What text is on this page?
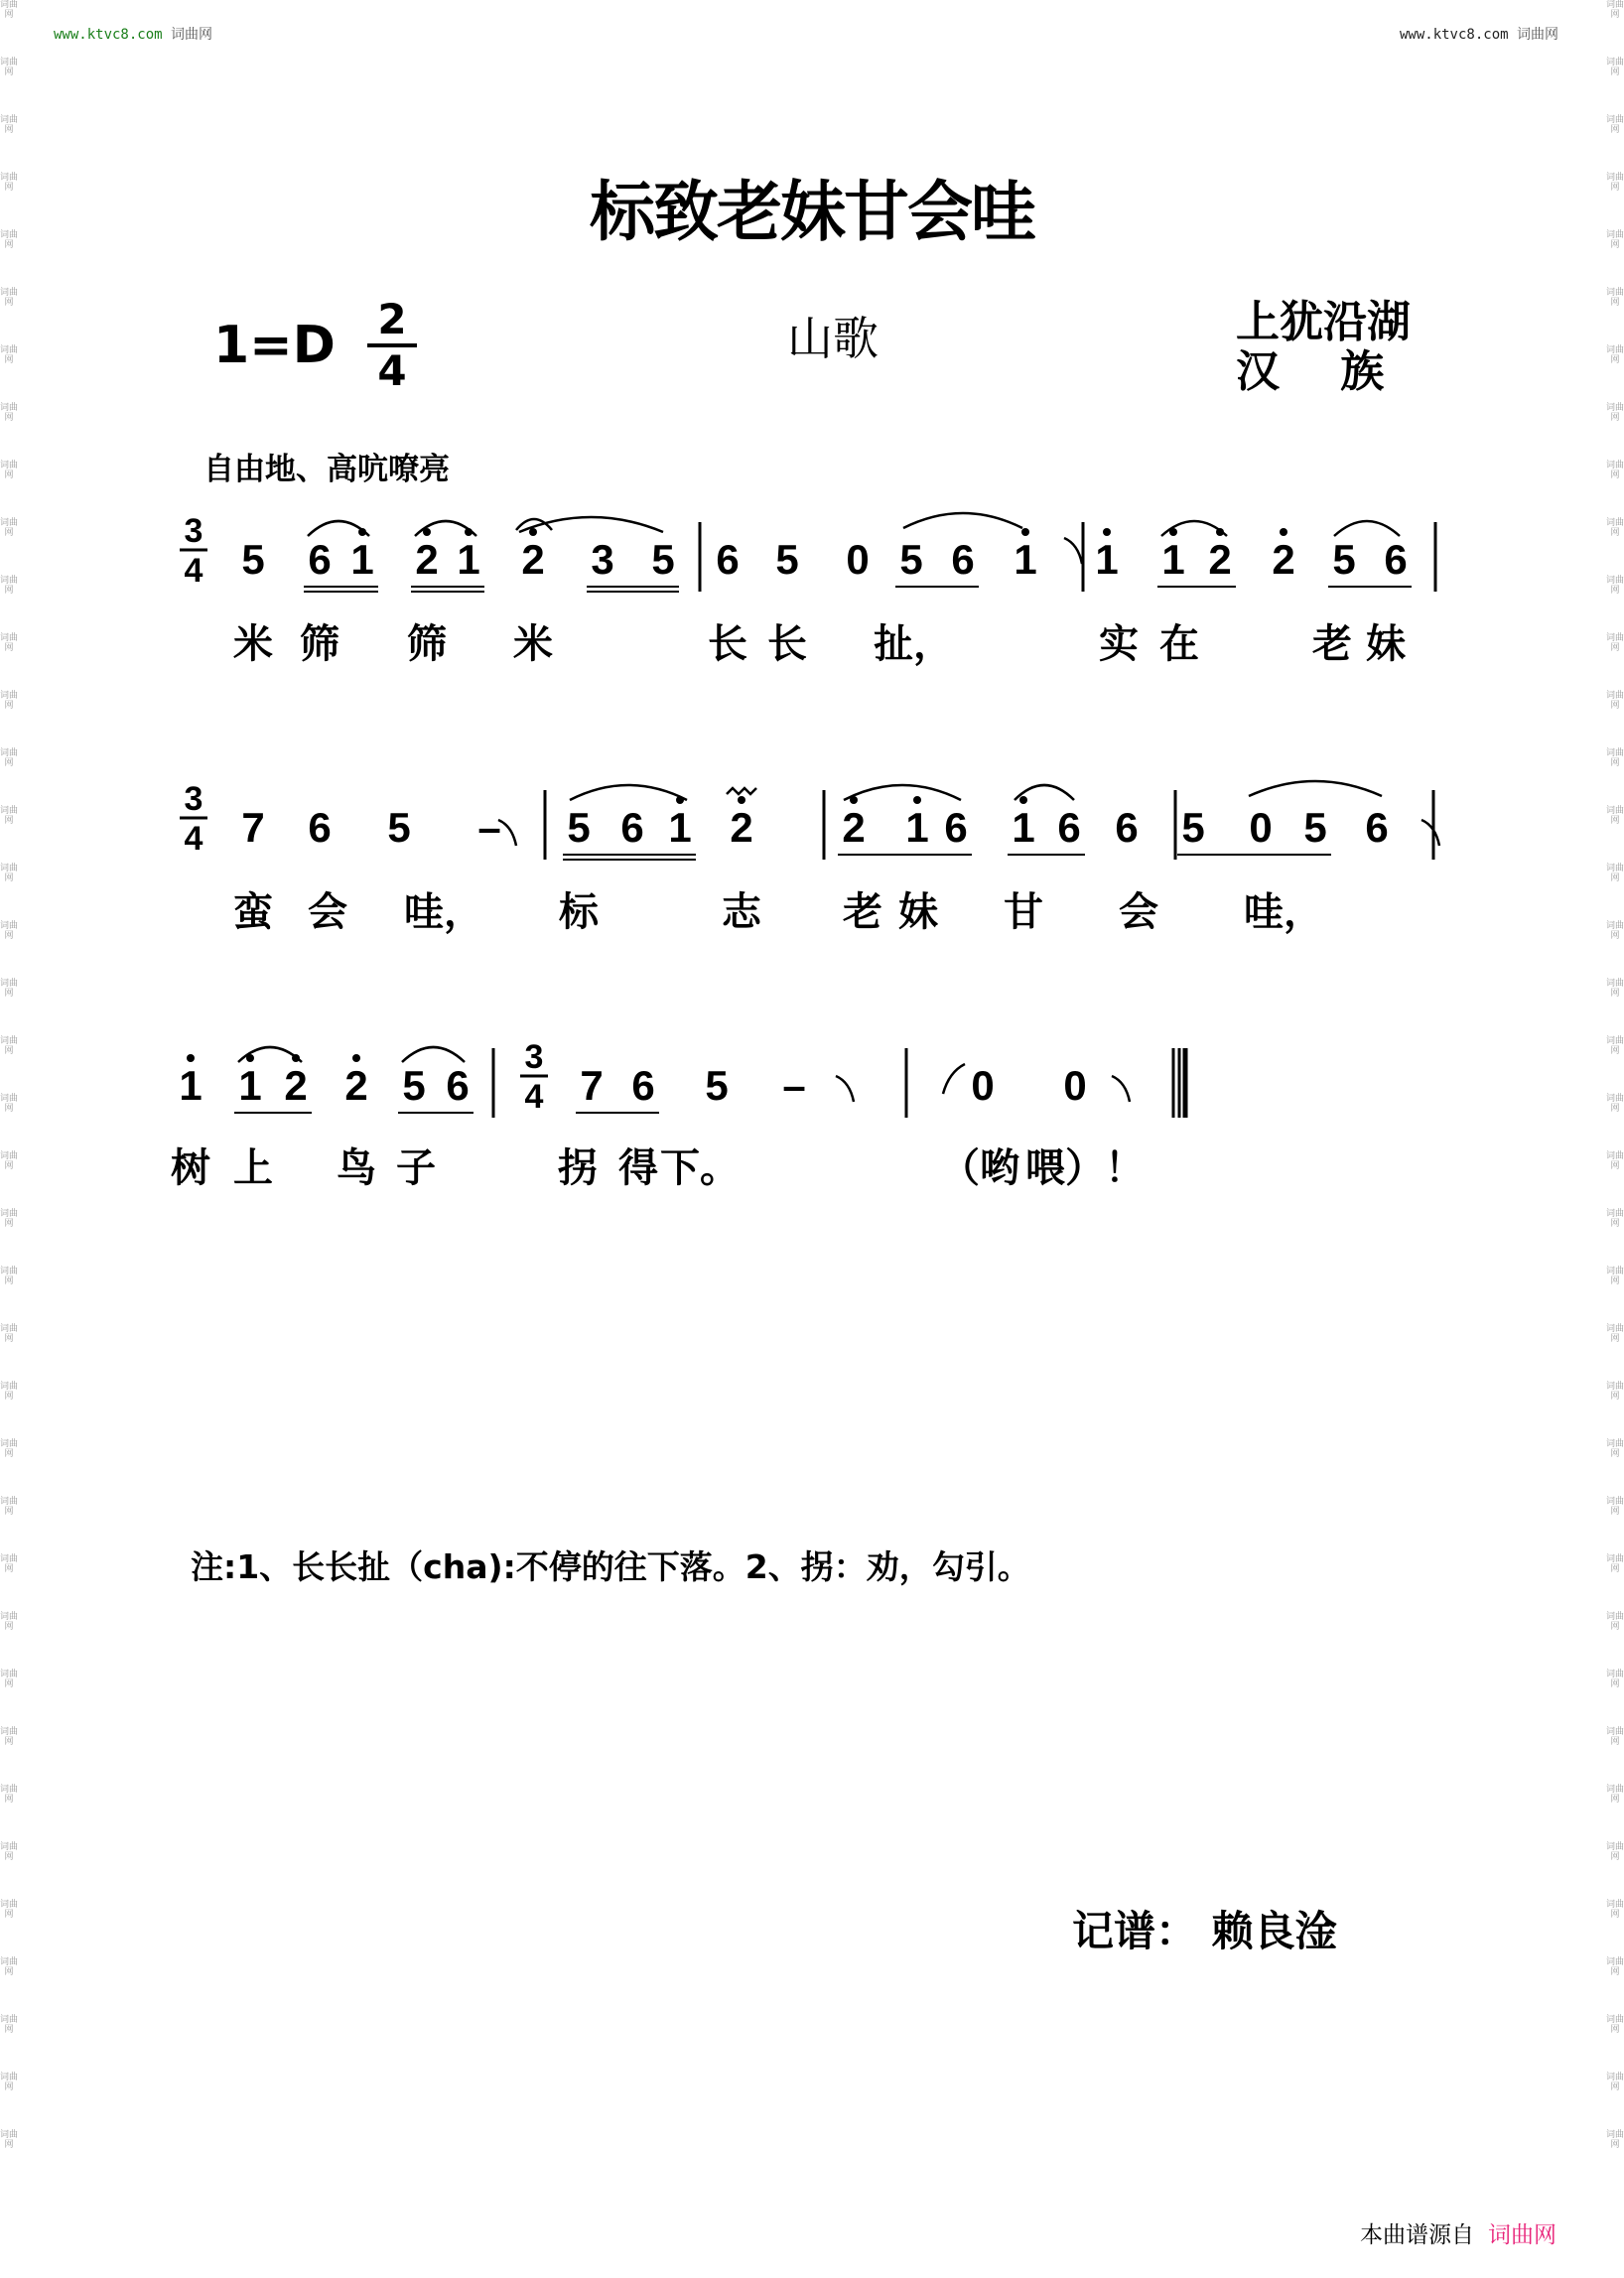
词曲网
词曲网
词曲网
词曲网
词曲网
词曲网
词曲网
词曲网
词曲网
词曲网
词曲网
词曲网
词曲网
词曲网
词曲网
词曲网
词曲网
词曲网
词曲网
词曲网
词曲网
词曲网
词曲网
词曲网
词曲网
词曲网
词曲网
词曲网
词曲网
词曲网
词曲网
词曲网
词曲网
词曲网
词曲网
词曲网
词曲网
词曲网
词曲网
词曲网
词曲网
词曲网
词曲网
词曲网
词曲网
词曲网
词曲网
词曲网
词曲网
词曲网
词曲网
词曲网
词曲网
词曲网
词曲网
词曲网
词曲网
词曲网
词曲网
词曲网
词曲网
词曲网
词曲网
词曲网
词曲网
词曲网
词曲网
词曲网
词曲网
词曲网
词曲网
词曲网
词曲网
词曲网
词曲网
词曲网
www.ktvc8.com 词曲网	www.ktvc8.com 词曲网
标致老妹甘会哇
1=D 2
4
山歌	上犹沿湖
汉    族
自由地、高吭嘹亮
3
4 5 6 1 2 1 2 3 5 6 5 0 5 6 1 1 1 2 2 5 6
米 筛 筛 米	长 长 扯，	实 在	老 妹
3
4 7 6 5 – 5 6 1 2 2 1 6 1 6 6 5 0 5 6
蛮 会 哇， 标	志 老 妹 甘 会 哇，
3
4
1 1 2 2 5 6	7 6 5 –	0 0
树 上 鸟 子	拐 得 下。	（哟 喂）！
注:1、长长扯（cha):不停的往下落。2、拐：劝，勾引。
记谱： 赖良淦
本曲谱源自 词曲网
